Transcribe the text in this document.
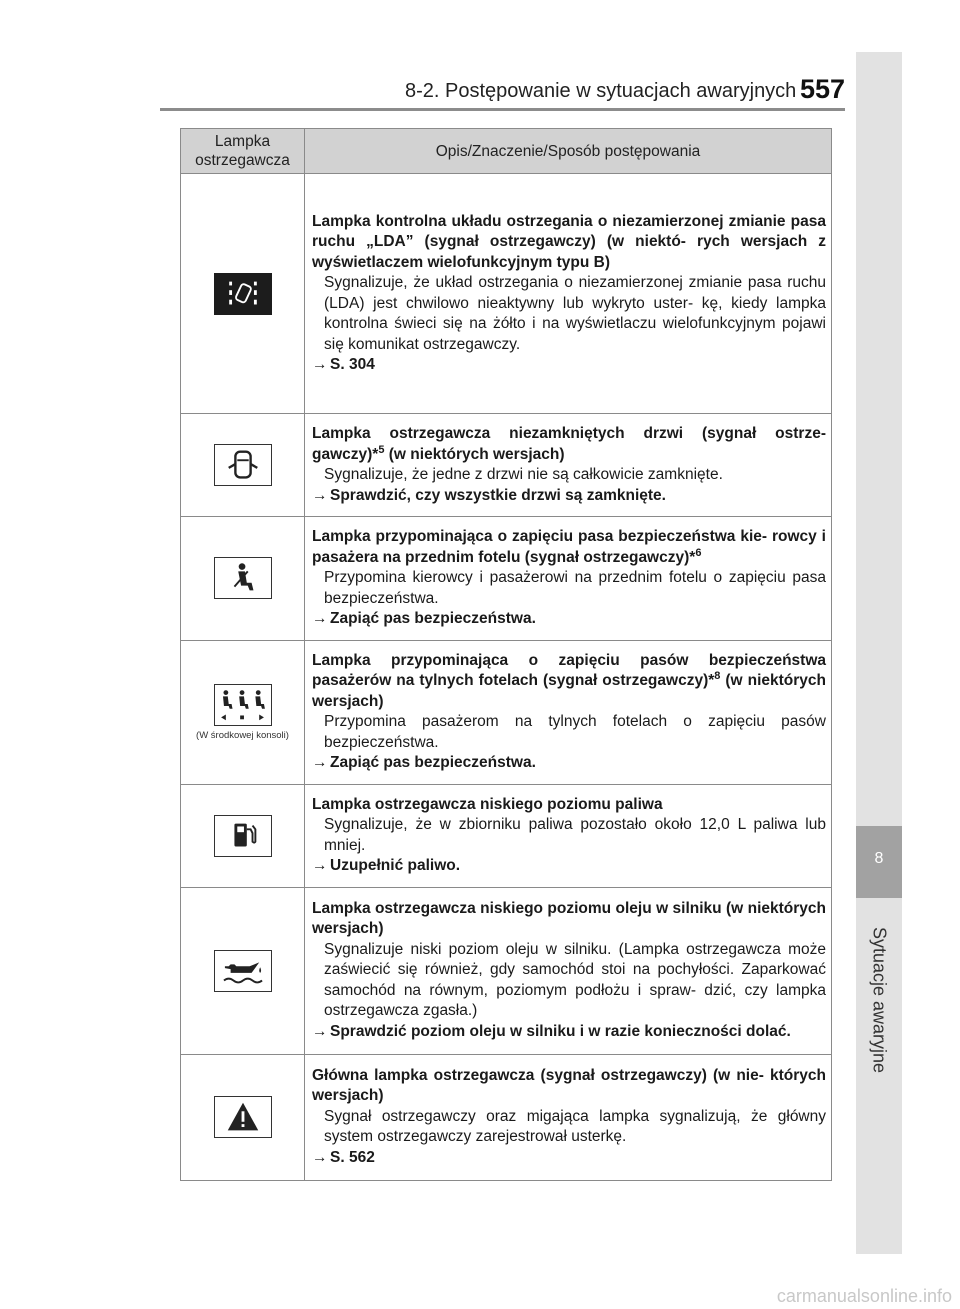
8-2. Postępowanie w sytuacjach awaryjnych 557
8
Sytuacje awaryjne
Lampka ostrzegawcza	Opis/Znaczenie/Sposób postępowania

Lampka kontrolna układu ostrzegania o niezamierzonej zmianie pasa ruchu „LDA” (sygnał ostrzegawczy) (w niektó- rych wersjach z wyświetlaczem wielofunkcyjnym typu B)
Sygnalizuje, że układ ostrzegania o niezamierzonej zmianie pasa ruchu (LDA) jest chwilowo nieaktywny lub wykryto uster- kę, kiedy lampka kontrolna świeci się na żółto i na wyświetlaczu wielofunkcyjnym pojawi się komunikat ostrzegawczy.
→ S. 304

Lampka ostrzegawcza niezamkniętych drzwi (sygnał ostrze- gawczy)*$^5$ (w niektórych wersjach)
Sygnalizuje, że jedne z drzwi nie są całkowicie zamknięte.
→ Sprawdzić, czy wszystkie drzwi są zamknięte.

Lampka przypominająca o zapięciu pasa bezpieczeństwa kie- rowcy i pasażera na przednim fotelu (sygnał ostrzegawczy)*$^6$
Przypomina kierowcy i pasażerowi na przednim fotelu o zapięciu pasa bezpieczeństwa.
→ Zapiąć pas bezpieczeństwa.

(W środkowej konsoli)	Lampka przypominająca o zapięciu pasów bezpieczeństwa pasażerów na tylnych fotelach (sygnał ostrzegawczy)*$^8$ (w niektórych wersjach)
Przypomina pasażerom na tylnych fotelach o zapięciu pasów bezpieczeństwa.
→ Zapiąć pas bezpieczeństwa.

Lampka ostrzegawcza niskiego poziomu paliwa
Sygnalizuje, że w zbiorniku paliwa pozostało około 12,0 L paliwa lub mniej.
→ Uzupełnić paliwo.

Lampka ostrzegawcza niskiego poziomu oleju w silniku (w niektórych wersjach)
Sygnalizuje niski poziom oleju w silniku. (Lampka ostrzegawcza może zaświecić się również, gdy samochód stoi na pochyłości. Zaparkować samochód na równym, poziomym podłożu i spraw- dzić, czy lampka ostrzegawcza zgasła.)
→ Sprawdzić poziom oleju w silniku i w razie konieczności dolać.

Główna lampka ostrzegawcza (sygnał ostrzegawczy) (w nie- których wersjach)
Sygnał ostrzegawczy oraz migająca lampka sygnalizują, że główny system ostrzegawczy zarejestrował usterkę.
→ S. 562
carmanualsonline.info
